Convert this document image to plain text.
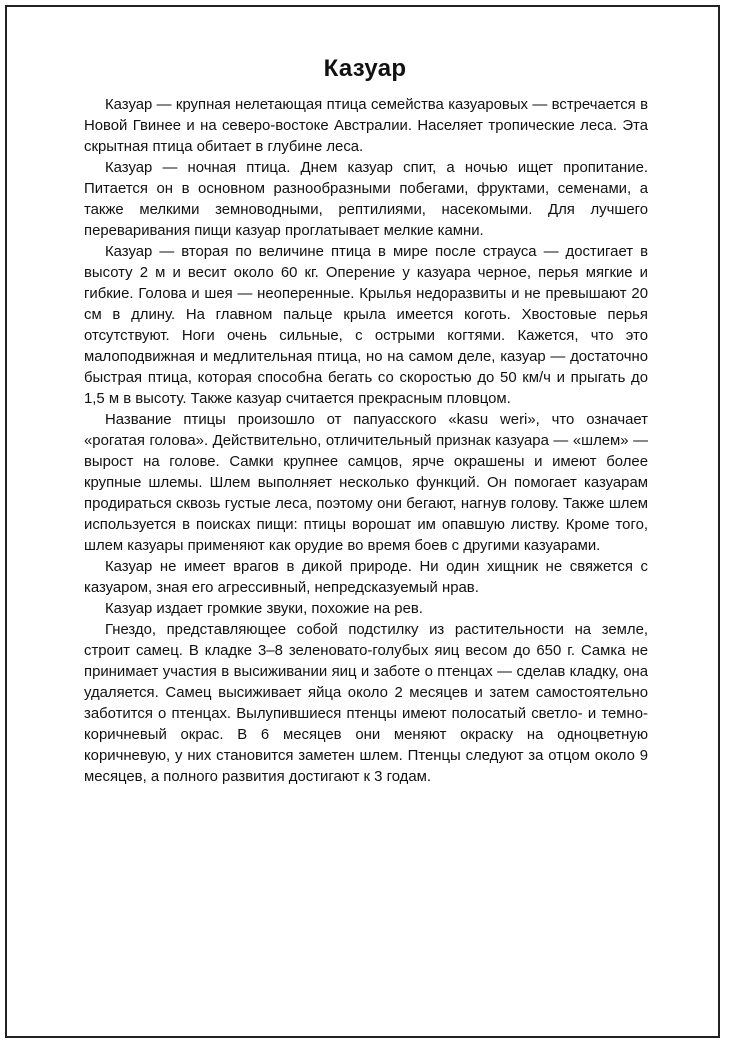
Казуар

Казуар — крупная нелетающая птица семейства казуаровых — встречается в Новой Гвинее и на северо-востоке Австралии. Населяет тропические леса. Эта скрытная птица обитает в глубине леса.

Казуар — ночная птица. Днем казуар спит, а ночью ищет пропитание. Питается он в основном разнообразными побегами, фруктами, семенами, а также мелкими земноводными, рептилиями, насекомыми. Для лучшего переваривания пищи казуар проглатывает мелкие камни.

Казуар — вторая по величине птица в мире после страуса — достигает в высоту 2 м и весит около 60 кг. Оперение у казуара черное, перья мягкие и гибкие. Голова и шея — неоперенные. Крылья недоразвиты и не превышают 20 см в длину. На главном пальце крыла имеется коготь. Хвостовые перья отсутствуют. Ноги очень сильные, с острыми когтями. Кажется, что это малоподвижная и медлительная птица, но на самом деле, казуар — достаточно быстрая птица, которая способна бегать со скоростью до 50 км/ч и прыгать до 1,5 м в высоту. Также казуар считается прекрасным пловцом.

Название птицы произошло от папуасского «kasu weri», что означает «рогатая голова». Действительно, отличительный признак казуара — «шлем» — вырост на голове. Самки крупнее самцов, ярче окрашены и имеют более крупные шлемы. Шлем выполняет несколько функций. Он помогает казуарам продираться сквозь густые леса, поэтому они бегают, нагнув голову. Также шлем используется в поисках пищи: птицы ворошат им опавшую листву. Кроме того, шлем казуары применяют как орудие во время боев с другими казуарами.

Казуар не имеет врагов в дикой природе. Ни один хищник не свяжется с казуаром, зная его агрессивный, непредсказуемый нрав.

Казуар издает громкие звуки, похожие на рев.

Гнездо, представляющее собой подстилку из растительности на земле, строит самец. В кладке 3–8 зеленовато-голубых яиц весом до 650 г. Самка не принимает участия в высиживании яиц и заботе о птенцах — сделав кладку, она удаляется. Самец высиживает яйца около 2 месяцев и затем самостоятельно заботится о птенцах. Вылупившиеся птенцы имеют полосатый светло- и темно-коричневый окрас. В 6 месяцев они меняют окраску на одноцветную коричневую, у них становится заметен шлем. Птенцы следуют за отцом около 9 месяцев, а полного развития достигают к 3 годам.
